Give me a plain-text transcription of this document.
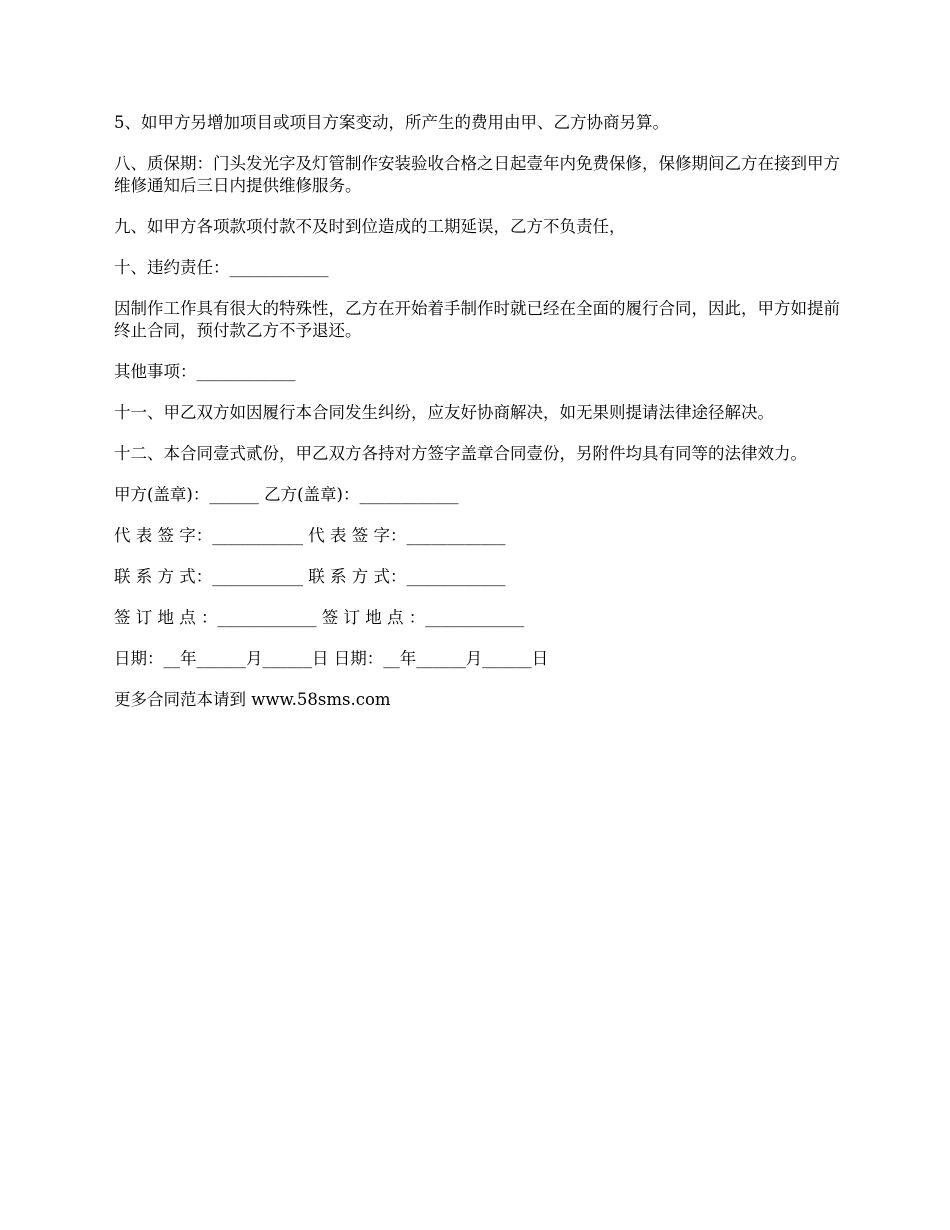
5、如甲方另增加项目或项目方案变动，所产生的费用由甲、乙方协商另算。

八、质保期：门头发光字及灯管制作安装验收合格之日起壹年内免费保修，保修期间乙方在接到甲方维修通知后三日内提供维修服务。

九、如甲方各项款项付款不及时到位造成的工期延误，乙方不负责任，

十、违约责任：____________

因制作工作具有很大的特殊性，乙方在开始着手制作时就已经在全面的履行合同，因此，甲方如提前终止合同，预付款乙方不予退还。

其他事项：____________

十一、甲乙双方如因履行本合同发生纠纷，应友好协商解决，如无果则提请法律途径解决。

十二、本合同壹式贰份，甲乙双方各持对方签字盖章合同壹份，另附件均具有同等的法律效力。

甲方(盖章)：______ 乙方(盖章)：____________

代 表 签 字：___________ 代 表 签 字：____________

联 系 方 式：___________ 联 系 方 式：____________

签 订 地 点 ：____________ 签 订 地 点 ：____________

日期：__年______月______日 日期：__年______月______日

更多合同范本请到 www.58sms.com
